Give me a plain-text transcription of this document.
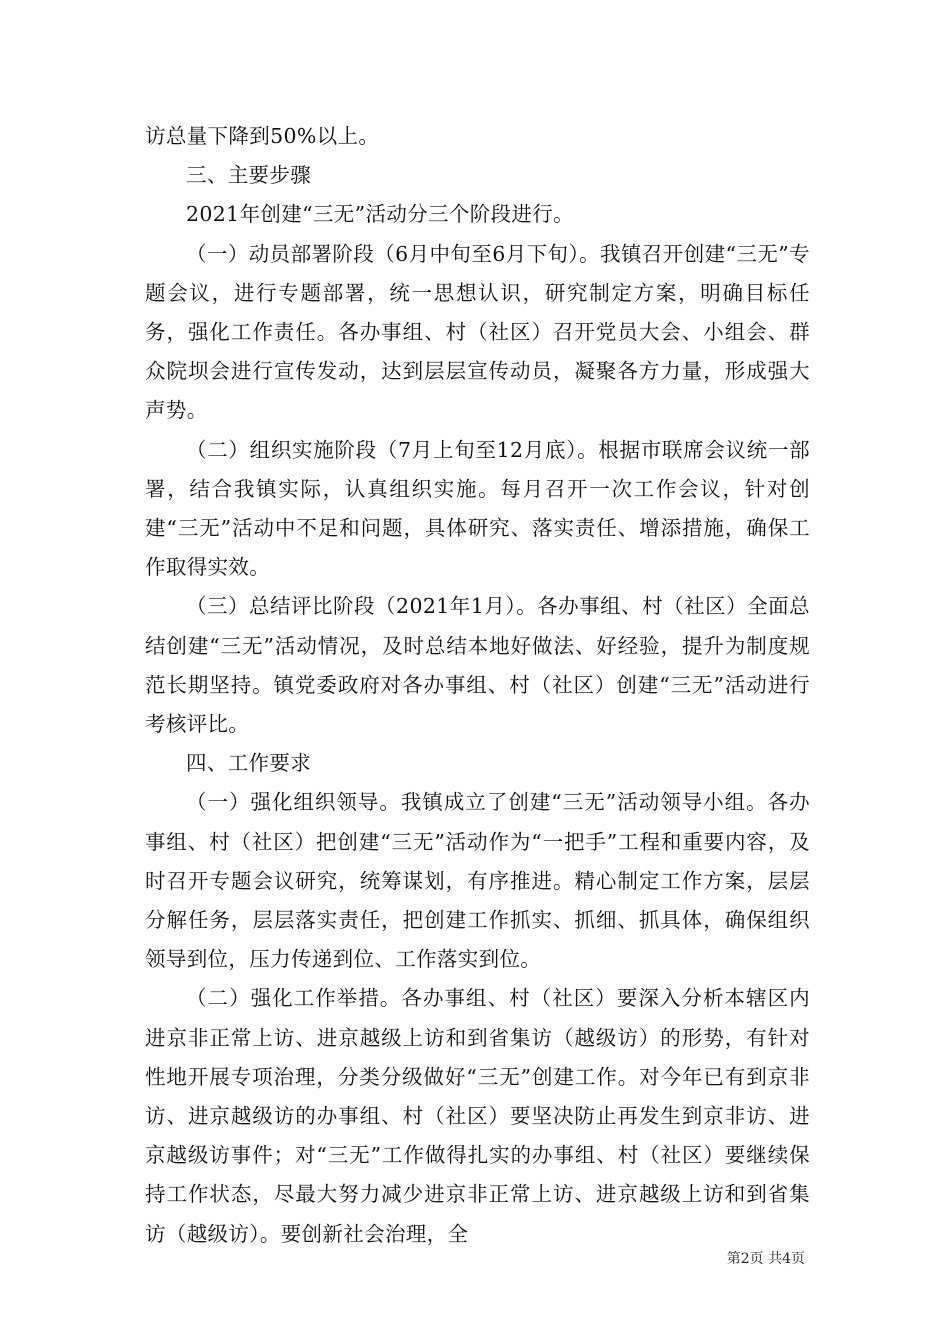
访总量下降到50%以上。

三、主要步骤

2021年创建“三无”活动分三个阶段进行。

（一）动员部署阶段（6月中旬至6月下旬）。我镇召开创建“三无”专题会议，进行专题部署，统一思想认识，研究制定方案，明确目标任务，强化工作责任。各办事组、村（社区）召开党员大会、小组会、群众院坝会进行宣传发动，达到层层宣传动员，凝聚各方力量，形成强大声势。

（二）组织实施阶段（7月上旬至12月底）。根据市联席会议统一部署，结合我镇实际，认真组织实施。每月召开一次工作会议，针对创建“三无”活动中不足和问题，具体研究、落实责任、增添措施，确保工作取得实效。

（三）总结评比阶段（2021年1月）。各办事组、村（社区）全面总结创建“三无”活动情况，及时总结本地好做法、好经验，提升为制度规范长期坚持。镇党委政府对各办事组、村（社区）创建“三无”活动进行考核评比。

四、工作要求

（一）强化组织领导。我镇成立了创建“三无”活动领导小组。各办事组、村（社区）把创建“三无”活动作为“一把手”工程和重要内容，及时召开专题会议研究，统筹谋划，有序推进。精心制定工作方案，层层分解任务，层层落实责任，把创建工作抓实、抓细、抓具体，确保组织领导到位，压力传递到位、工作落实到位。

（二）强化工作举措。各办事组、村（社区）要深入分析本辖区内进京非正常上访、进京越级上访和到省集访（越级访）的形势，有针对性地开展专项治理，分类分级做好“三无”创建工作。对今年已有到京非访、进京越级访的办事组、村（社区）要坚决防止再发生到京非访、进京越级访事件；对“三无”工作做得扎实的办事组、村（社区）要继续保持工作状态，尽最大努力减少进京非正常上访、进京越级上访和到省集访（越级访）。要创新社会治理，全

第2页 共4页
